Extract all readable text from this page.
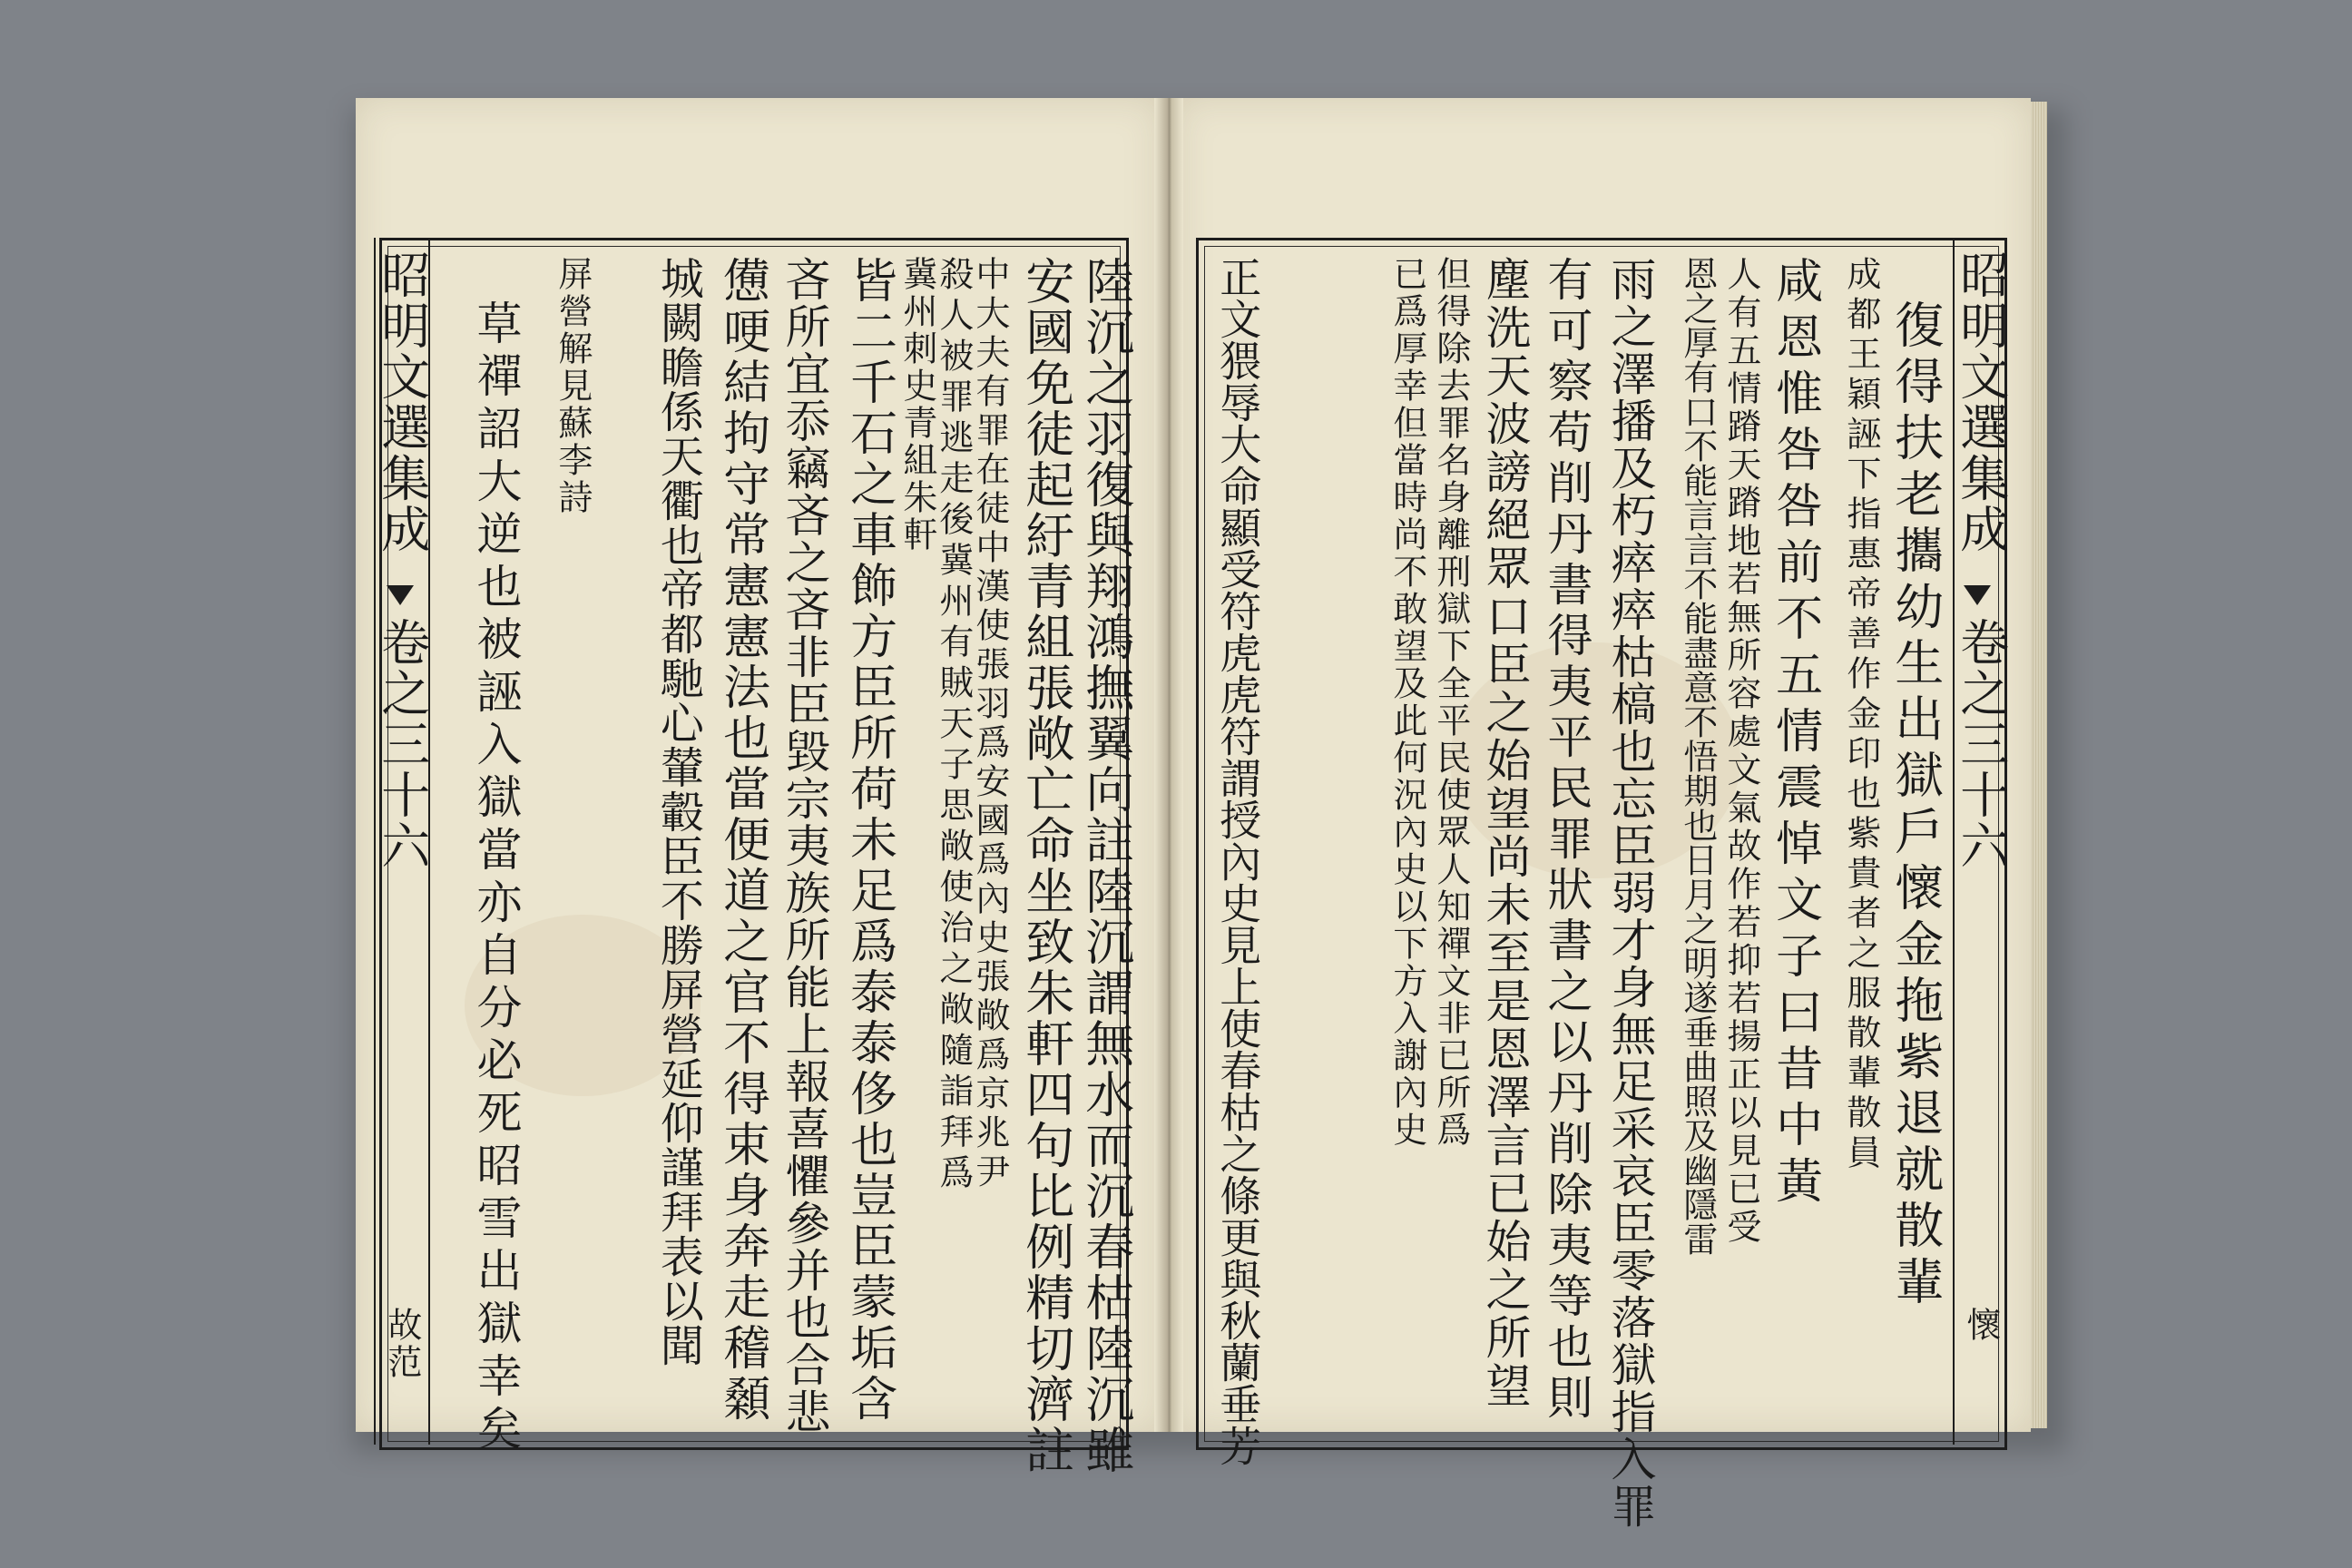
昭明文選集成
卷之三十六
故范	陸沉之羽復與翔鴻撫翼向註陸沉謂無水而沉春枯陸沉雖
安國免徒起紆青組張敞亡命坐致朱軒四句比例精切濟註
中大夫有罪在徒中漢使張羽爲安國爲內史張敞爲京兆尹
殺人被罪逃走後冀州有賊天子思敞使治之敞隨詣拜爲
冀州刺史青組朱軒
皆二千石之車飾方臣所荷未足爲泰泰侈也豈臣蒙垢含
吝所宜忝竊吝之吝非臣毀宗夷族所能上報喜懼參并也合悲
憊哽結拘守常憲憲法也當便道之官不得束身奔走稽顙
城闕瞻係天衢也帝都馳心輦轂臣不勝屏營延仰謹拜表以聞
屏營解見蘇李詩
草禪詔大逆也被誣入獄當亦自分必死昭雪出獄幸矣	昭明文選集成
卷之三十六
懷
復得扶老攜幼生出獄戶懷金拖紫退就散輩
成都王穎誣下指惠帝善作金印也紫貴者之服散輩散員
咸恩惟咎咎前不五情震悼文子曰昔中黃
人有五情蹐天蹐地若無所容處文氣故作若抑若揚正以見已受
恩之厚有口不能言言不能盡意不悟期也日月之明遂垂曲照及幽隱雷
雨之澤播及朽瘁瘁枯槁也忘臣弱才身無足采哀臣零落獄指入罪
有可察苟削丹書得夷平民罪狀書之以丹削除夷等也則
塵洗天波謗絕眾口臣之始望尚未至是恩澤言已始之所望
但得除去罪名身離刑獄下全平民使眾人知禪文非已所爲
已爲厚幸但當時尚不敢望及此何況內史以下方入謝內史
正文猥辱大命顯受符虎虎符謂授內史見上使春枯之條更與秋蘭垂芳
